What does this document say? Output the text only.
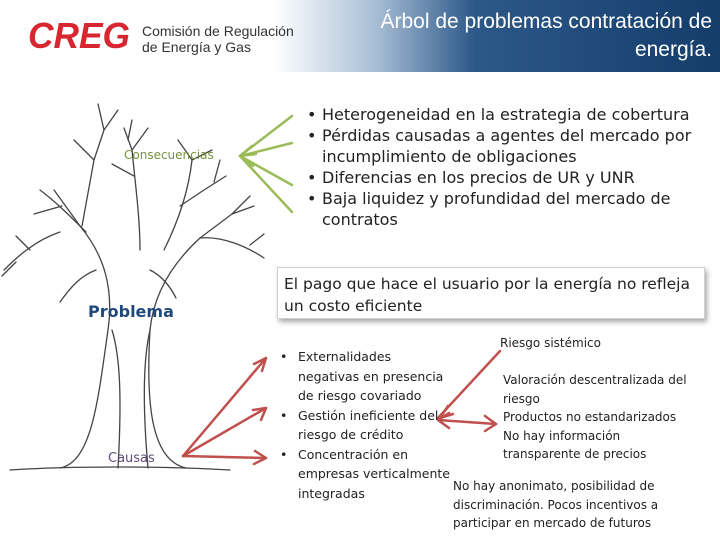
CREG Comisión de Regulación
de Energía y Gas
Árbol de problemas contratación de energía.
Consecuencias
Problema
Causas
• Heterogeneidad en la estrategia de cobertura
• Pérdidas causadas a agentes del mercado por incumplimiento de obligaciones
• Diferencias en los precios de UR y UNR
• Baja liquidez y profundidad del mercado de contratos
El pago que hace el usuario por la energía no refleja un costo eficiente
• Externalidades negativas en presencia de riesgo covariado
• Gestión ineficiente del riesgo de crédito
• Concentración en empresas verticalmente integradas
Riesgo sistémico
Valoración descentralizada del
riesgo
Productos no estandarizados
No hay información
transparente de precios
No hay anonimato, posibilidad de discriminación. Pocos incentivos a participar en mercado de futuros
